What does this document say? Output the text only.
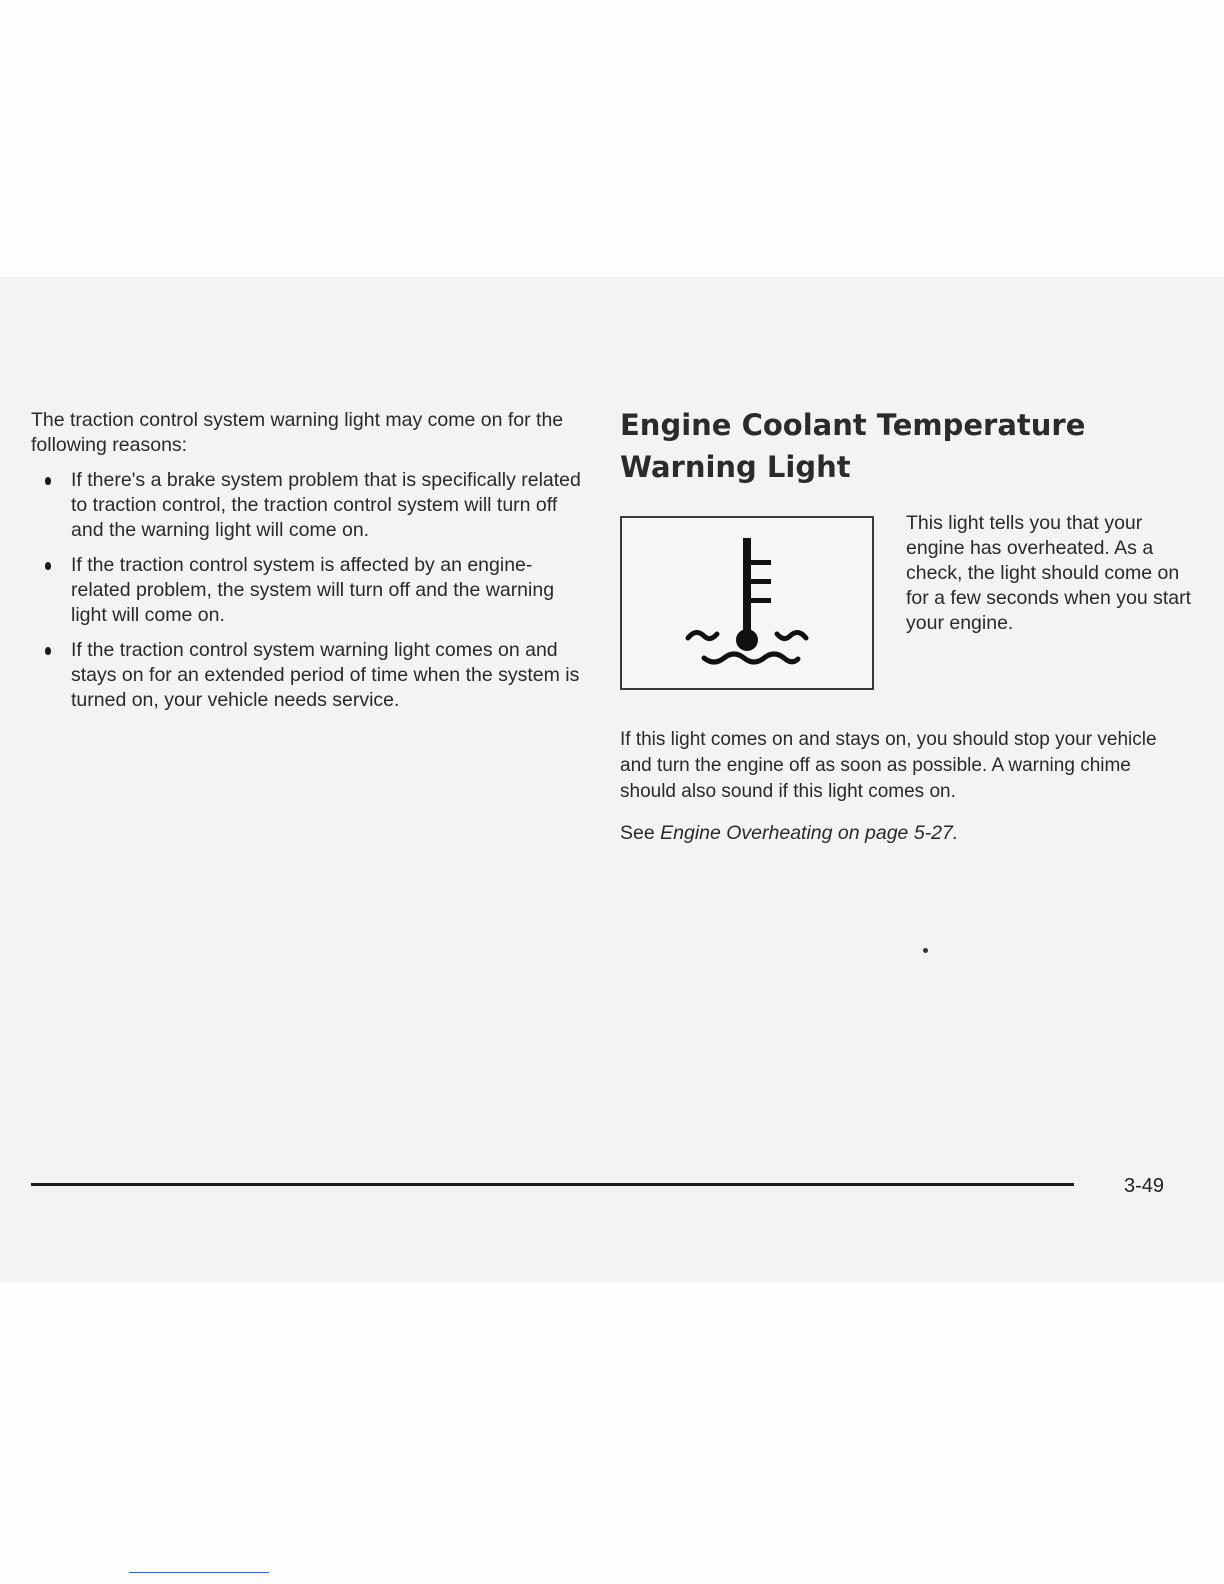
The traction control system warning light may come on for the following reasons:

If there's a brake system problem that is specifically related to traction control, the traction control system will turn off and the warning light will come on.
If the traction control system is affected by an engine-related problem, the system will turn off and the warning light will come on.
If the traction control system warning light comes on and stays on for an extended period of time when the system is turned on, your vehicle needs service.
Engine Coolant Temperature Warning Light

This light tells you that your engine has overheated. As a check, the light should come on for a few seconds when you start your engine.

If this light comes on and stays on, you should stop your vehicle and turn the engine off as soon as possible. A warning chime should also sound if this light comes on.

See Engine Overheating on page 5-27.

3-49
